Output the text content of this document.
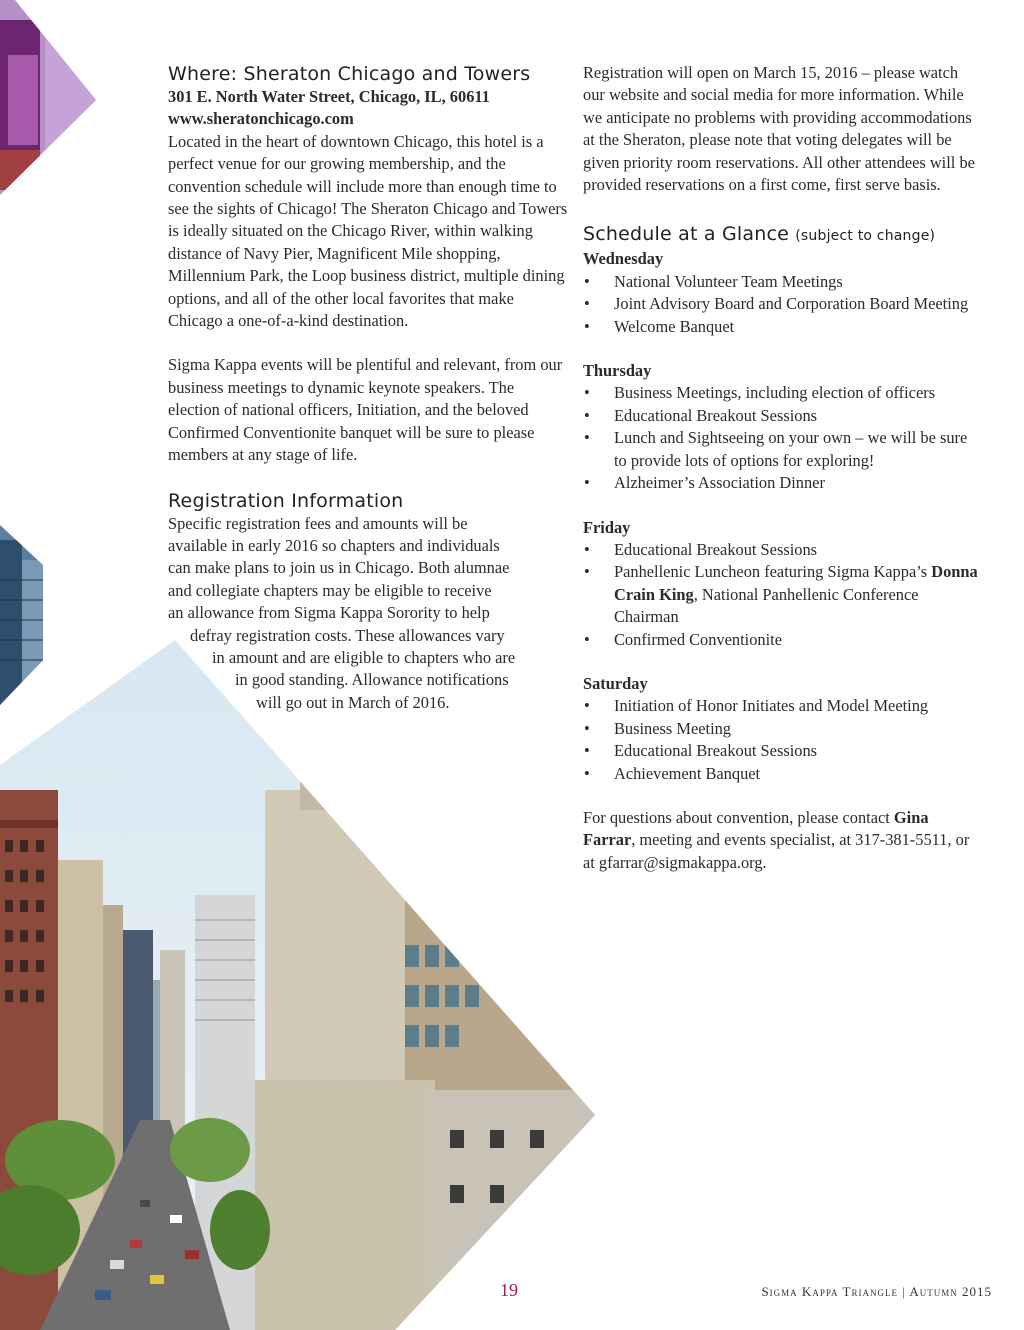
Where: Sheraton Chicago and Towers

301 E. North Water Street, Chicago, IL, 60611

www.sheratonchicago.com

Located in the heart of downtown Chicago, this hotel is a perfect venue for our growing membership, and the convention schedule will include more than enough time to see the sights of Chicago! The Sheraton Chicago and Towers is ideally situated on the Chicago River, within walking distance of Navy Pier, Magnificent Mile shopping, Millennium Park, the Loop business district, multiple dining options, and all of the other local favorites that make Chicago a one-of-a-kind destination.

Sigma Kappa events will be plentiful and relevant, from our business meetings to dynamic keynote speakers. The election of national officers, Initiation, and the beloved Confirmed Conventionite banquet will be sure to please members at any stage of life.

Registration Information

Specific registration fees and amounts will be

available in early 2016 so chapters and individuals

can make plans to join us in Chicago. Both alumnae

and collegiate chapters may be eligible to receive

an allowance from Sigma Kappa Sorority to help

defray registration costs. These allowances vary

in amount and are eligible to chapters who are

in good standing. Allowance notifications

will go out in March of 2016.

Registration will open on March 15, 2016 – please watch our website and social media for more information. While we anticipate no problems with providing accommodations at the Sheraton, please note that voting delegates will be given priority room reservations. All other attendees will be provided reservations on a first come, first serve basis.

Schedule at a Glance (subject to change)

Wednesday

• National Volunteer Team Meetings
• Joint Advisory Board and Corporation Board Meeting
• Welcome Banquet

Thursday

• Business Meetings, including election of officers
• Educational Breakout Sessions
• Lunch and Sightseeing on your own – we will be sure to provide lots of options for exploring!
• Alzheimer’s Association Dinner

Friday

• Educational Breakout Sessions
• Panhellenic Luncheon featuring Sigma Kappa’s Donna Crain King, National Panhellenic Conference Chairman
• Confirmed Conventionite

Saturday

• Initiation of Honor Initiates and Model Meeting
• Business Meeting
• Educational Breakout Sessions
• Achievement Banquet

For questions about convention, please contact Gina Farrar, meeting and events specialist, at 317-381-5511, or at gfarrar@sigmakappa.org.

19	Sigma Kappa Triangle | Autumn 2015
